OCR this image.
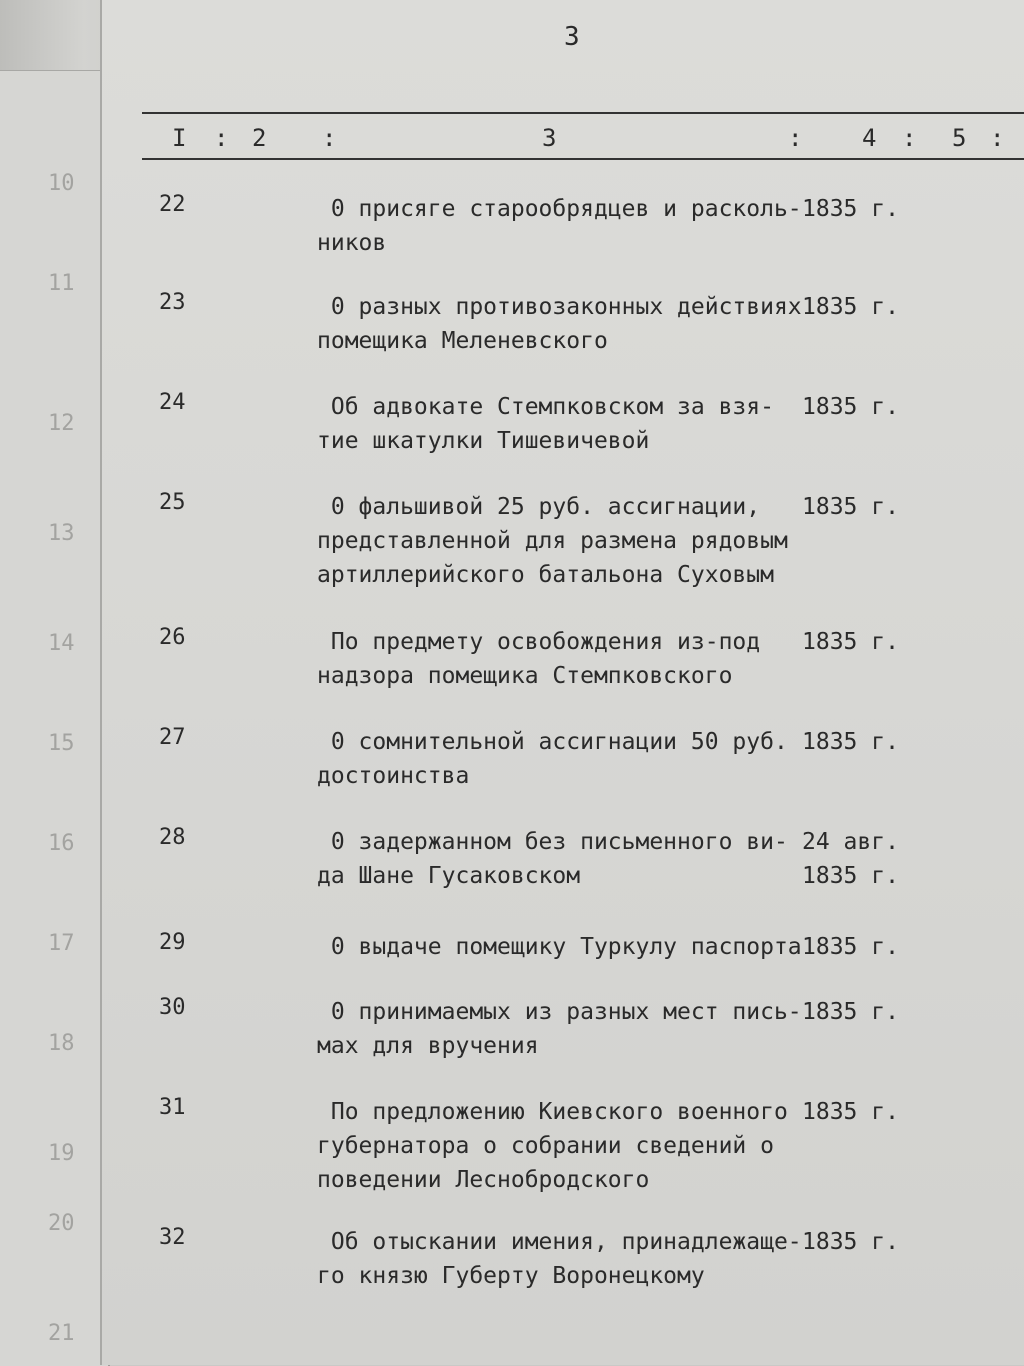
10
11
12
13
14
15
16
17
18
19
20
21
3
I : 2 :	3	: 4 : 5 :
22	0 присяге старообрядцев и расколь-
ников
1835 г.
23	0 разных противозаконных действиях
помещика Меленевского
1835 г.
24	Об адвокате Стемпковском за взя-
тие шкатулки Тишевичевой
1835 г.
25	0 фальшивой 25 руб. ассигнации,
представленной для размена рядовым
артиллерийского батальона Суховым
1835 г.
26	По предмету освобождения из-под
надзора помещика Стемпковского
1835 г.
27	0 сомнительной ассигнации 50 руб.
достоинства
1835 г.
28	0 задержанном без письменного ви-
да Шане Гусаковском
24 авг.
1835 г.
29	0 выдаче помещику Туркулу паспорта 1835 г.
30	0 принимаемых из разных мест пись-
мах для вручения
1835 г.
31	По предложению Киевского военного
губернатора о собрании сведений о
поведении Леснобродского
1835 г.
32	Об отыскании имения, принадлежаще-
го князю Губерту Воронецкому
1835 г.
